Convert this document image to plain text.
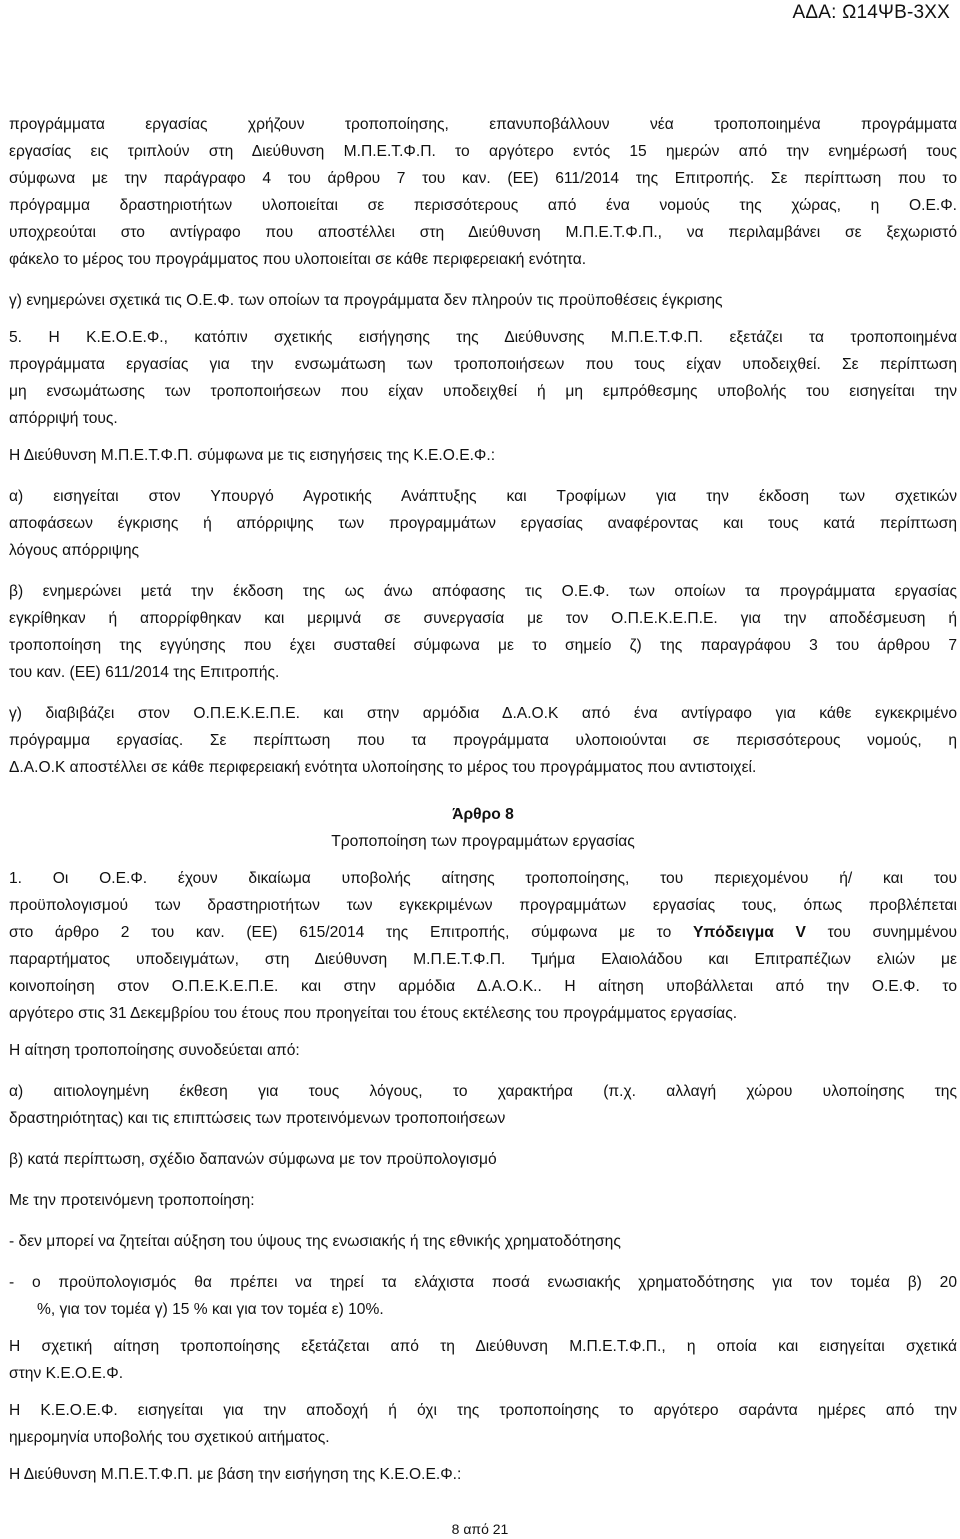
ΑΔΑ: Ω14ΨΒ-3ΧΧ

προγράμματα εργασίας χρήζουν τροποποίησης, επανυποβάλλουν νέα τροποποιημένα προγράμματα

εργασίας εις τριπλούν στη Διεύθυνση Μ.Π.Ε.Τ.Φ.Π. το αργότερο εντός 15 ημερών από την ενημέρωσή τους

σύμφωνα με την παράγραφο 4 του άρθρου 7 του καν. (ΕΕ) 611/2014 της Επιτροπής. Σε περίπτωση που το

πρόγραμμα δραστηριοτήτων υλοποιείται σε περισσότερους από ένα νομούς της χώρας, η Ο.Ε.Φ.

υποχρεούται στο αντίγραφο που αποστέλλει στη Διεύθυνση Μ.Π.Ε.Τ.Φ.Π., να περιλαμβάνει σε ξεχωριστό

φάκελο το μέρος του προγράμματος που υλοποιείται σε κάθε περιφερειακή ενότητα.

γ) ενημερώνει σχετικά τις Ο.Ε.Φ. των οποίων τα προγράμματα δεν πληρούν τις προϋποθέσεις έγκρισης

5. Η Κ.Ε.Ο.Ε.Φ., κατόπιν σχετικής εισήγησης της Διεύθυνσης Μ.Π.Ε.Τ.Φ.Π. εξετάζει τα τροποποιημένα

προγράμματα εργασίας για την ενσωμάτωση των τροποποιήσεων που τους είχαν υποδειχθεί. Σε περίπτωση

μη ενσωμάτωσης των τροποποιήσεων που είχαν υποδειχθεί ή μη εμπρόθεσμης υποβολής του εισηγείται την

απόρριψή τους.

Η Διεύθυνση Μ.Π.Ε.Τ.Φ.Π. σύμφωνα με τις εισηγήσεις της Κ.Ε.Ο.Ε.Φ.:

α) εισηγείται στον Υπουργό Αγροτικής Ανάπτυξης και Τροφίμων για την έκδοση των σχετικών

αποφάσεων έγκρισης ή απόρριψης των προγραμμάτων εργασίας αναφέροντας και τους κατά περίπτωση

λόγους απόρριψης

β) ενημερώνει μετά την έκδοση της ως άνω απόφασης τις Ο.Ε.Φ. των οποίων τα προγράμματα εργασίας

εγκρίθηκαν ή απορρίφθηκαν και μεριμνά σε συνεργασία με τον Ο.Π.Ε.Κ.Ε.Π.Ε. για την αποδέσμευση ή

τροποποίηση της εγγύησης που έχει συσταθεί σύμφωνα με το σημείο ζ) της παραγράφου 3 του άρθρου 7

του καν. (ΕΕ) 611/2014 της Επιτροπής.

γ) διαβιβάζει στον Ο.Π.Ε.Κ.Ε.Π.Ε. και στην αρμόδια Δ.Α.Ο.Κ από ένα αντίγραφο για κάθε εγκεκριμένο

πρόγραμμα εργασίας. Σε περίπτωση που τα προγράμματα υλοποιούνται σε περισσότερους νομούς, η

Δ.Α.Ο.Κ αποστέλλει σε κάθε περιφερειακή ενότητα υλοποίησης το μέρος του προγράμματος που αντιστοιχεί.

Άρθρο 8

Τροποποίηση των προγραμμάτων εργασίας

1. Οι Ο.Ε.Φ. έχουν δικαίωμα υποβολής αίτησης τροποποίησης, του περιεχομένου ή/ και του

προϋπολογισμού των δραστηριοτήτων των εγκεκριμένων προγραμμάτων εργασίας τους, όπως προβλέπεται

στο άρθρο 2 του καν. (ΕΕ) 615/2014 της Επιτροπής, σύμφωνα με το Υπόδειγμα V του συνημμένου

παραρτήματος υποδειγμάτων, στη Διεύθυνση Μ.Π.Ε.Τ.Φ.Π. Τμήμα Ελαιολάδου και Επιτραπέζιων ελιών με

κοινοποίηση στον Ο.Π.Ε.Κ.Ε.Π.Ε. και στην αρμόδια Δ.Α.Ο.Κ.. Η αίτηση υποβάλλεται από την Ο.Ε.Φ. το

αργότερο στις 31 Δεκεμβρίου του έτους που προηγείται του έτους εκτέλεσης του προγράμματος εργασίας.

Η αίτηση τροποποίησης συνοδεύεται από:

α) αιτιολογημένη έκθεση για τους λόγους, το χαρακτήρα (π.χ. αλλαγή χώρου υλοποίησης της

δραστηριότητας) και τις επιπτώσεις των προτεινόμενων τροποποιήσεων

β) κατά περίπτωση, σχέδιο δαπανών σύμφωνα με τον προϋπολογισμό

Με την προτεινόμενη τροποποίηση:

- δεν μπορεί να ζητείται αύξηση του ύψους της ενωσιακής ή της εθνικής χρηματοδότησης

- ο προϋπολογισμός θα πρέπει να τηρεί τα ελάχιστα ποσά ενωσιακής χρηματοδότησης για τον τομέα β) 20

%, για τον τομέα γ) 15 % και για τον τομέα ε) 10%.

Η σχετική αίτηση τροποποίησης εξετάζεται από τη Διεύθυνση Μ.Π.Ε.Τ.Φ.Π., η οποία και εισηγείται σχετικά

στην Κ.Ε.Ο.Ε.Φ.

Η Κ.Ε.Ο.Ε.Φ. εισηγείται για την αποδοχή ή όχι της τροποποίησης το αργότερο σαράντα ημέρες από την

ημερομηνία υποβολής του σχετικού αιτήματος.

Η Διεύθυνση Μ.Π.Ε.Τ.Φ.Π. με βάση την εισήγηση της Κ.Ε.Ο.Ε.Φ.:

8 από 21
